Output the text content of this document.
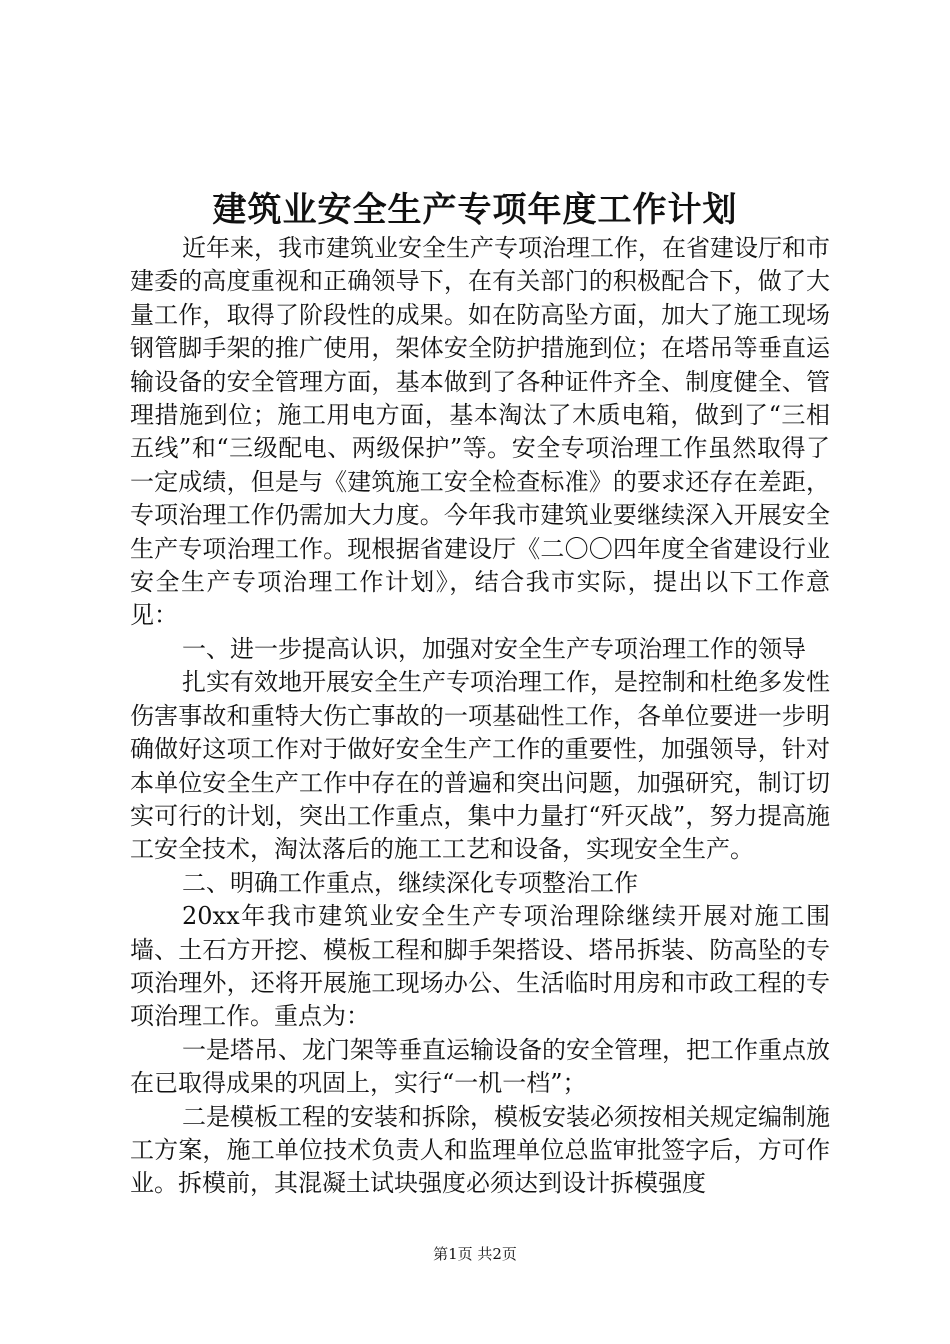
建筑业安全生产专项年度工作计划

近年来，我市建筑业安全生产专项治理工作，在省建设厅和市建委的高度重视和正确领导下，在有关部门的积极配合下，做了大量工作，取得了阶段性的成果。如在防高坠方面，加大了施工现场钢管脚手架的推广使用，架体安全防护措施到位；在塔吊等垂直运输设备的安全管理方面，基本做到了各种证件齐全、制度健全、管理措施到位；施工用电方面，基本淘汰了木质电箱，做到了“三相五线”和“三级配电、两级保护”等。安全专项治理工作虽然取得了一定成绩，但是与《建筑施工安全检查标准》的要求还存在差距，专项治理工作仍需加大力度。今年我市建筑业要继续深入开展安全生产专项治理工作。现根据省建设厅《二〇〇四年度全省建设行业安全生产专项治理工作计划》，结合我市实际，提出以下工作意见：

一、进一步提高认识，加强对安全生产专项治理工作的领导

扎实有效地开展安全生产专项治理工作，是控制和杜绝多发性伤害事故和重特大伤亡事故的一项基础性工作，各单位要进一步明确做好这项工作对于做好安全生产工作的重要性，加强领导，针对本单位安全生产工作中存在的普遍和突出问题，加强研究，制订切实可行的计划，突出工作重点，集中力量打“歼灭战”，努力提高施工安全技术，淘汰落后的施工工艺和设备，实现安全生产。

二、明确工作重点，继续深化专项整治工作

20xx年我市建筑业安全生产专项治理除继续开展对施工围墙、土石方开挖、模板工程和脚手架搭设、塔吊拆装、防高坠的专项治理外，还将开展施工现场办公、生活临时用房和市政工程的专项治理工作。重点为：

一是塔吊、龙门架等垂直运输设备的安全管理，把工作重点放在已取得成果的巩固上，实行“一机一档”；

二是模板工程的安装和拆除，模板安装必须按相关规定编制施工方案，施工单位技术负责人和监理单位总监审批签字后，方可作业。拆模前，其混凝土试块强度必须达到设计拆模强度

第1页 共2页
